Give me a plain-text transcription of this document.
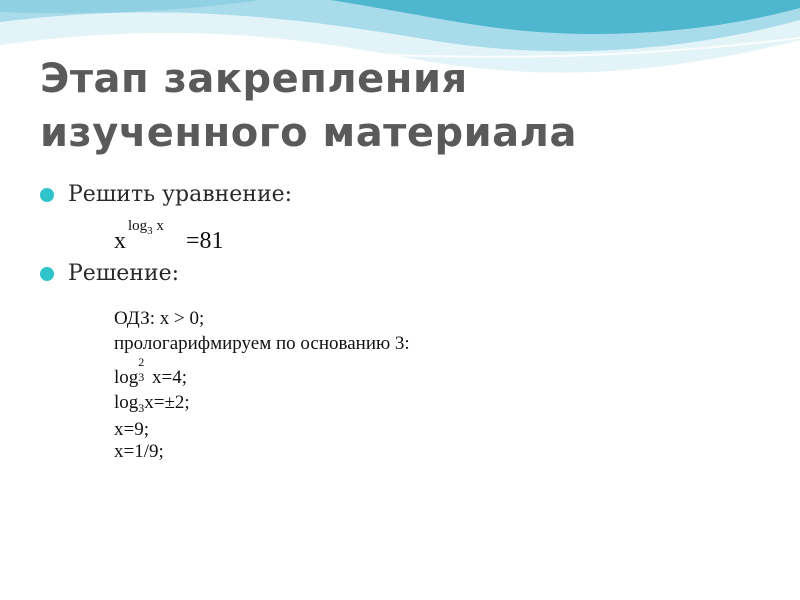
Этап закрепления
изученного материала
Решить уравнение:
x
$\log_3 x$
=81
Решение:
ОДЗ: x > 0;
прологарифмируем по основанию 3:
log
2
3 x=4;
$\log_3x=\pm 2$;
x=9;
x=1/9;
